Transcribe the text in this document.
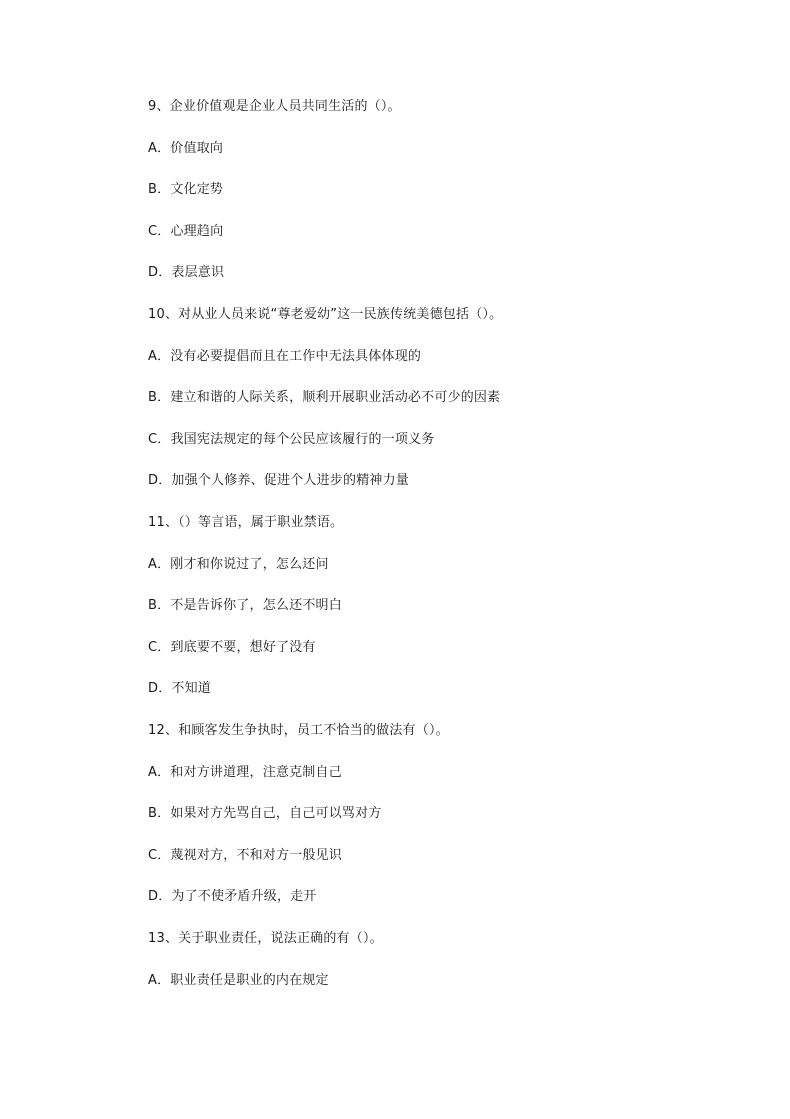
9、企业价值观是企业人员共同生活的（）。
A．价值取向
B．文化定势
C．心理趋向
D．表层意识
10、对从业人员来说“尊老爱幼”这一民族传统美德包括（）。
A．没有必要提倡而且在工作中无法具体体现的
B．建立和谐的人际关系，顺利开展职业活动必不可少的因素
C．我国宪法规定的每个公民应该履行的一项义务
D．加强个人修养、促进个人进步的精神力量
11、（）等言语，属于职业禁语。
A．刚才和你说过了，怎么还问
B．不是告诉你了，怎么还不明白
C．到底要不要，想好了没有
D．不知道
12、和顾客发生争执时，员工不恰当的做法有（）。
A．和对方讲道理，注意克制自己
B．如果对方先骂自己，自己可以骂对方
C．蔑视对方，不和对方一般见识
D．为了不使矛盾升级，走开
13、关于职业责任，说法正确的有（）。
A．职业责任是职业的内在规定
